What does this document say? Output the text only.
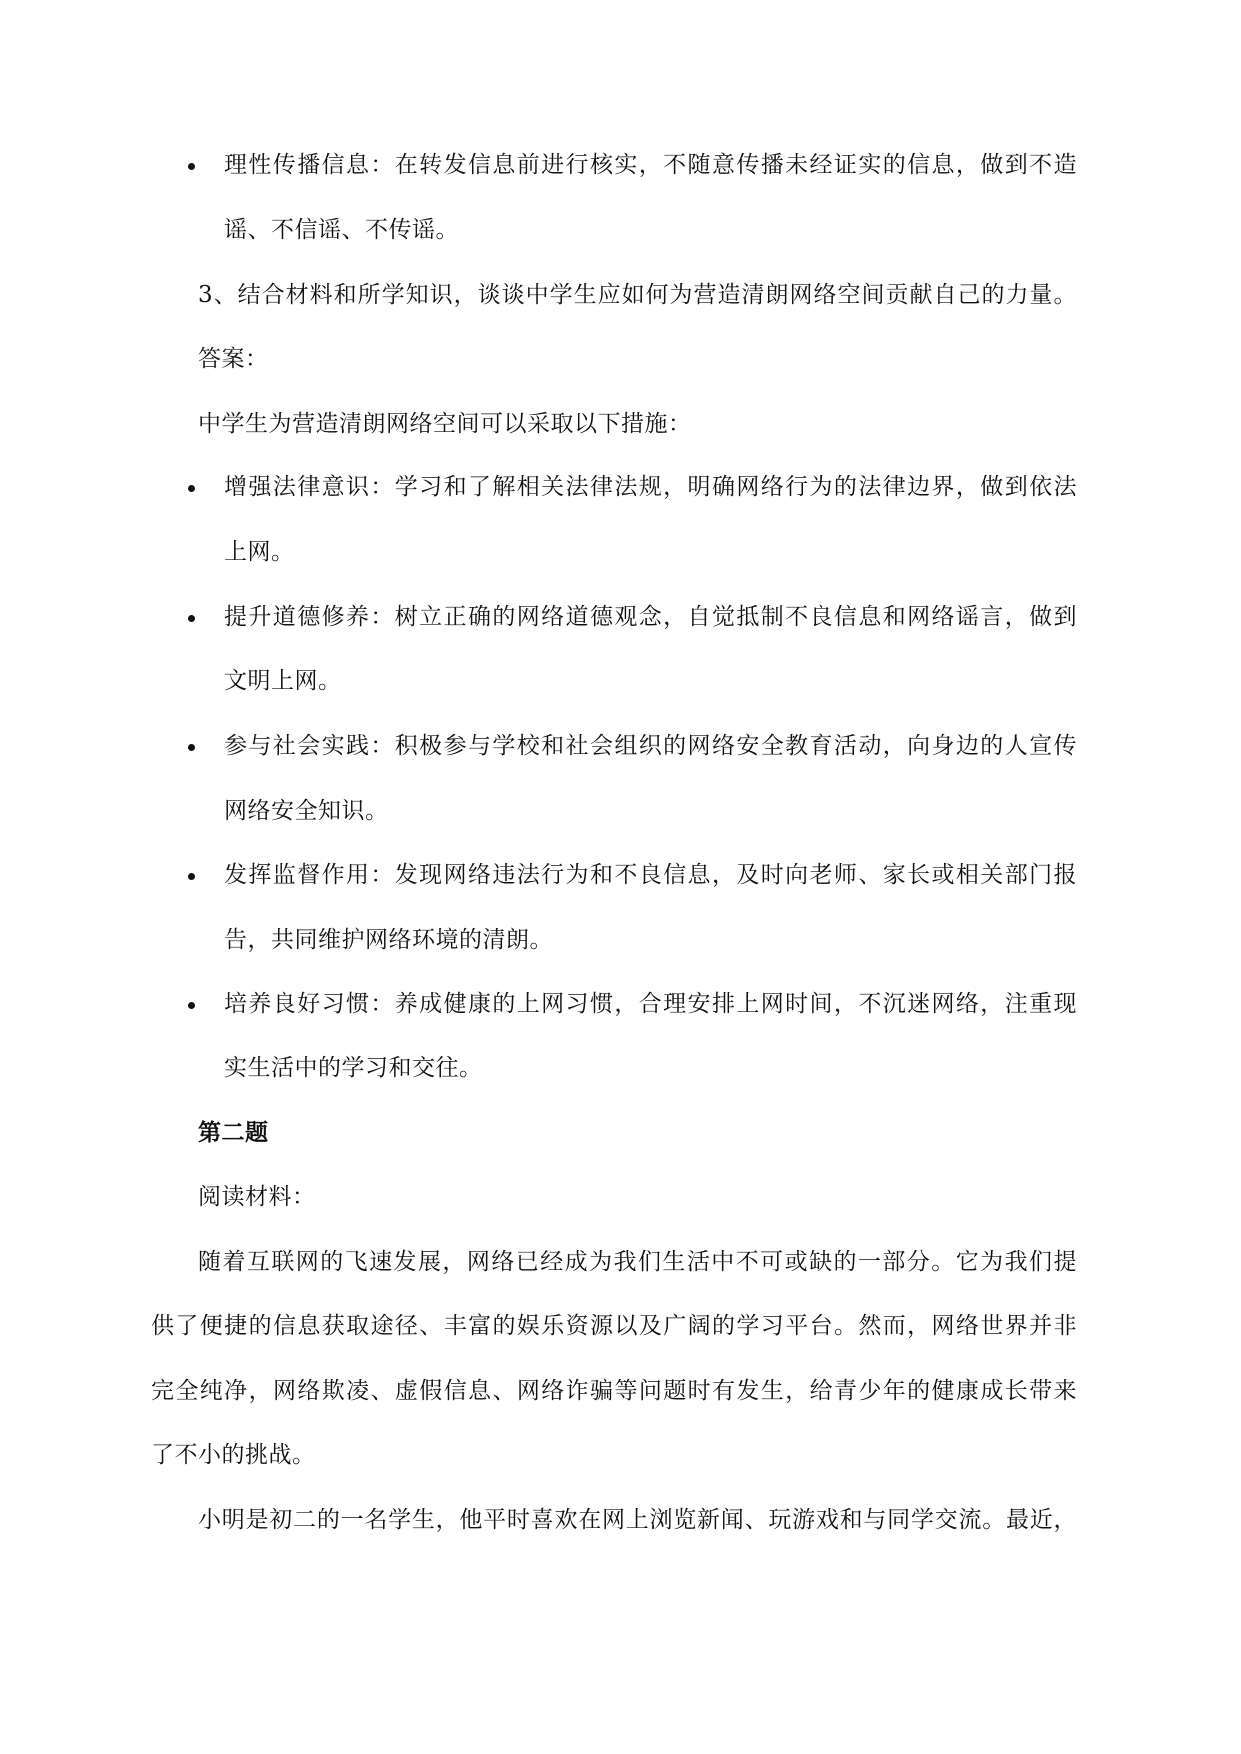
理性传播信息：在转发信息前进行核实，不随意传播未经证实的信息，做到不造
谣、不信谣、不传谣。
3、结合材料和所学知识，谈谈中学生应如何为营造清朗网络空间贡献自己的力量。
答案：
中学生为营造清朗网络空间可以采取以下措施：
增强法律意识：学习和了解相关法律法规，明确网络行为的法律边界，做到依法
上网。
提升道德修养：树立正确的网络道德观念，自觉抵制不良信息和网络谣言，做到
文明上网。
参与社会实践：积极参与学校和社会组织的网络安全教育活动，向身边的人宣传
网络安全知识。
发挥监督作用：发现网络违法行为和不良信息，及时向老师、家长或相关部门报
告，共同维护网络环境的清朗。
培养良好习惯：养成健康的上网习惯，合理安排上网时间，不沉迷网络，注重现
实生活中的学习和交往。
第二题
阅读材料：
随着互联网的飞速发展，网络已经成为我们生活中不可或缺的一部分。它为我们提
供了便捷的信息获取途径、丰富的娱乐资源以及广阔的学习平台。然而，网络世界并非
完全纯净，网络欺凌、虚假信息、网络诈骗等问题时有发生，给青少年的健康成长带来
了不小的挑战。
小明是初二的一名学生，他平时喜欢在网上浏览新闻、玩游戏和与同学交流。最近，
